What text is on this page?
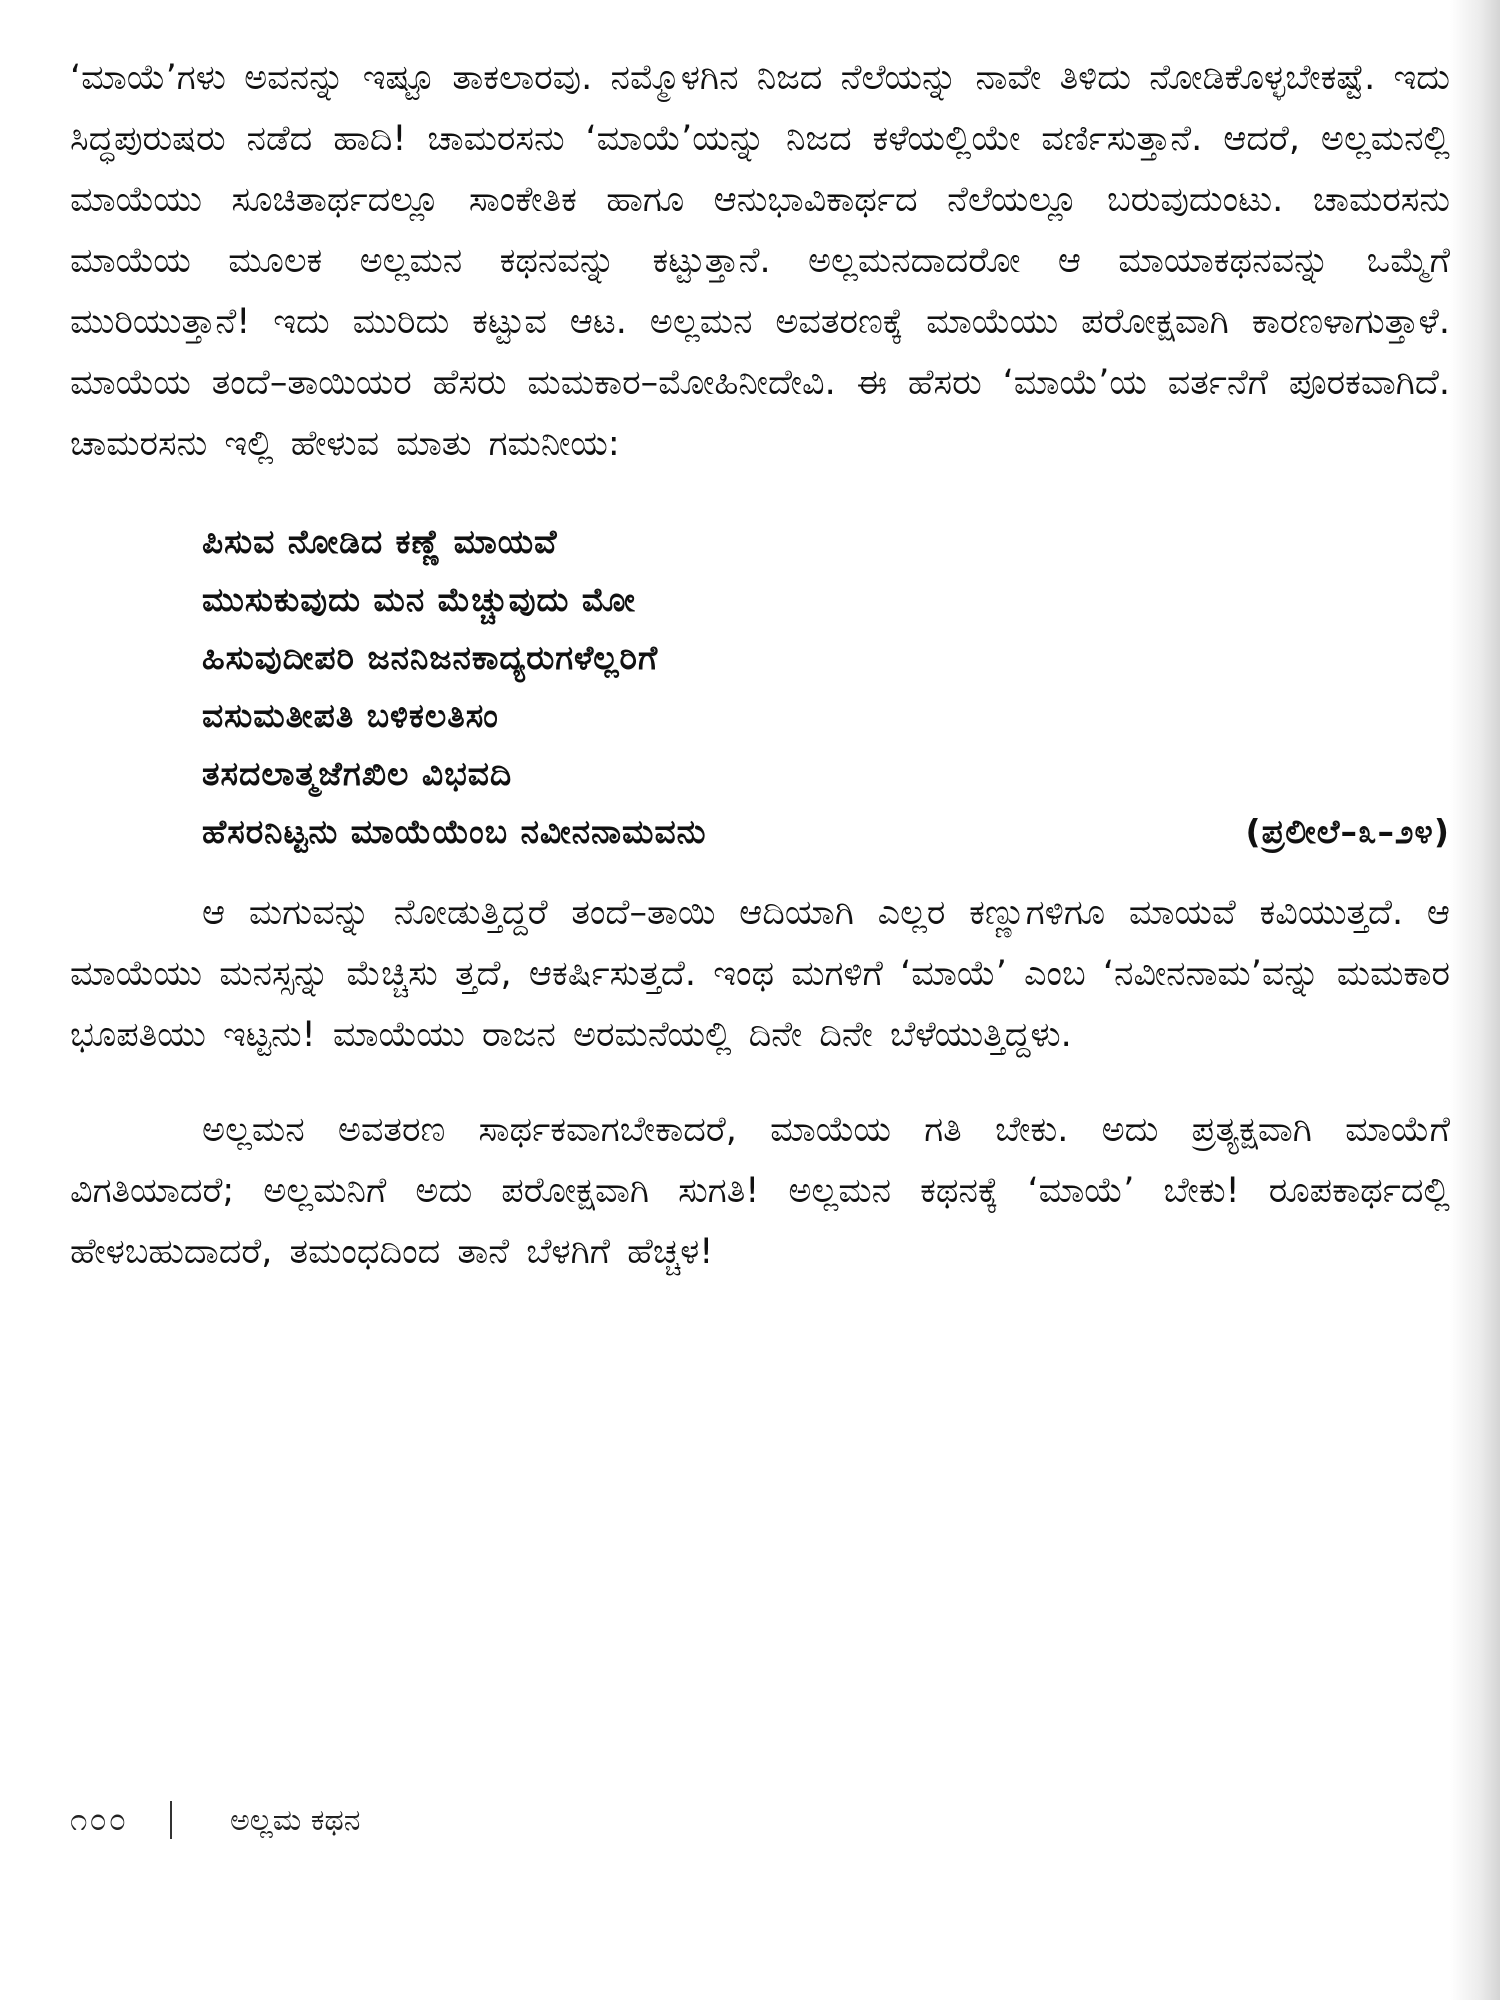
‘ಮಾಯೆ’ಗಳು ಅವನನ್ನು ಇಷ್ಟೂ ತಾಕಲಾರವು. ನಮ್ಮೊಳಗಿನ ನಿಜದ ನೆಲೆಯನ್ನು ನಾವೇ ತಿಳಿದು ನೋಡಿಕೊಳ್ಳಬೇಕಷ್ಟೆ. ಇದು ಸಿದ್ಧಪುರುಷರು ನಡೆದ ಹಾದಿ! ಚಾಮರಸನು ‘ಮಾಯೆ’ಯನ್ನು ನಿಜದ ಕಳೆಯಲ್ಲಿಯೇ ವರ್ಣಿಸುತ್ತಾನೆ. ಆದರೆ, ಅಲ್ಲಮನಲ್ಲಿ ಮಾಯೆಯು ಸೂಚಿತಾರ್ಥದಲ್ಲೂ ಸಾಂಕೇತಿಕ ಹಾಗೂ ಆನುಭಾವಿಕಾರ್ಥದ ನೆಲೆಯಲ್ಲೂ ಬರುವುದುಂಟು. ಚಾಮರಸನು ಮಾಯೆಯ ಮೂಲಕ ಅಲ್ಲಮನ ಕಥನವನ್ನು ಕಟ್ಟುತ್ತಾನೆ. ಅಲ್ಲಮನದಾದರೋ ಆ ಮಾಯಾಕಥನವನ್ನು ಒಮ್ಮೆಗೆ ಮುರಿಯುತ್ತಾನೆ! ಇದು ಮುರಿದು ಕಟ್ಟುವ ಆಟ. ಅಲ್ಲಮನ ಅವತರಣಕ್ಕೆ ಮಾಯೆಯು ಪರೋಕ್ಷವಾಗಿ ಕಾರಣಳಾಗುತ್ತಾಳೆ. ಮಾಯೆಯ ತಂದೆ–ತಾಯಿಯರ ಹೆಸರು ಮಮಕಾರ–ಮೋಹಿನೀದೇವಿ. ಈ ಹೆಸರು ‘ಮಾಯೆ’ಯ ವರ್ತನೆಗೆ ಪೂರಕವಾಗಿದೆ. ಚಾಮರಸನು ಇಲ್ಲಿ ಹೇಳುವ ಮಾತು ಗಮನೀಯ:

ಪಿಸುವ ನೋಡಿದ ಕಣ್ಣೆ ಮಾಯವೆ
ಮುಸುಕುವುದು ಮನ ಮೆಚ್ಚುವುದು ಮೋ
ಹಿಸುವುದೀಪರಿ ಜನನಿಜನಕಾದ್ಯರುಗಳೆಲ್ಲರಿಗೆ
ವಸುಮತೀಪತಿ ಬಳಿಕಲತಿಸಂ
ತಸದಲಾತ್ಮಜೆಗಖಿಲ ವಿಭವದಿ
ಹೆಸರನಿಟ್ಟನು ಮಾಯೆಯೆಂಬ ನವೀನನಾಮವನು	(ಪ್ರಲೀಲೆ–೩–೨೪)

ಆ ಮಗುವನ್ನು ನೋಡುತ್ತಿದ್ದರೆ ತಂದೆ–ತಾಯಿ ಆದಿಯಾಗಿ ಎಲ್ಲರ ಕಣ್ಣುಗಳಿಗೂ ಮಾಯವೆ ಕವಿಯುತ್ತದೆ. ಆ ಮಾಯೆಯು ಮನಸ್ಸನ್ನು ಮೆಚ್ಚಿಸು ತ್ತದೆ, ಆಕರ್ಷಿಸುತ್ತದೆ. ಇಂಥ ಮಗಳಿಗೆ ‘ಮಾಯೆ’ ಎಂಬ ‘ನವೀನನಾಮ’ವನ್ನು ಮಮಕಾರ ಭೂಪತಿಯು ಇಟ್ಟನು! ಮಾಯೆಯು ರಾಜನ ಅರಮನೆಯಲ್ಲಿ ದಿನೇ ದಿನೇ ಬೆಳೆಯುತ್ತಿದ್ದಳು.

ಅಲ್ಲಮನ ಅವತರಣ ಸಾರ್ಥಕವಾಗಬೇಕಾದರೆ, ಮಾಯೆಯ ಗತಿ ಬೇಕು. ಅದು ಪ್ರತ್ಯಕ್ಷವಾಗಿ ಮಾಯೆಗೆ ವಿಗತಿಯಾದರೆ; ಅಲ್ಲಮನಿಗೆ ಅದು ಪರೋಕ್ಷವಾಗಿ ಸುಗತಿ! ಅಲ್ಲಮನ ಕಥನಕ್ಕೆ ‘ಮಾಯೆ’ ಬೇಕು! ರೂಪಕಾರ್ಥದಲ್ಲಿ ಹೇಳಬಹುದಾದರೆ, ತಮಂಧದಿಂದ ತಾನೆ ಬೆಳಗಿಗೆ ಹೆಚ್ಚಳ!

೧೦೦	ಅಲ್ಲಮ ಕಥನ
